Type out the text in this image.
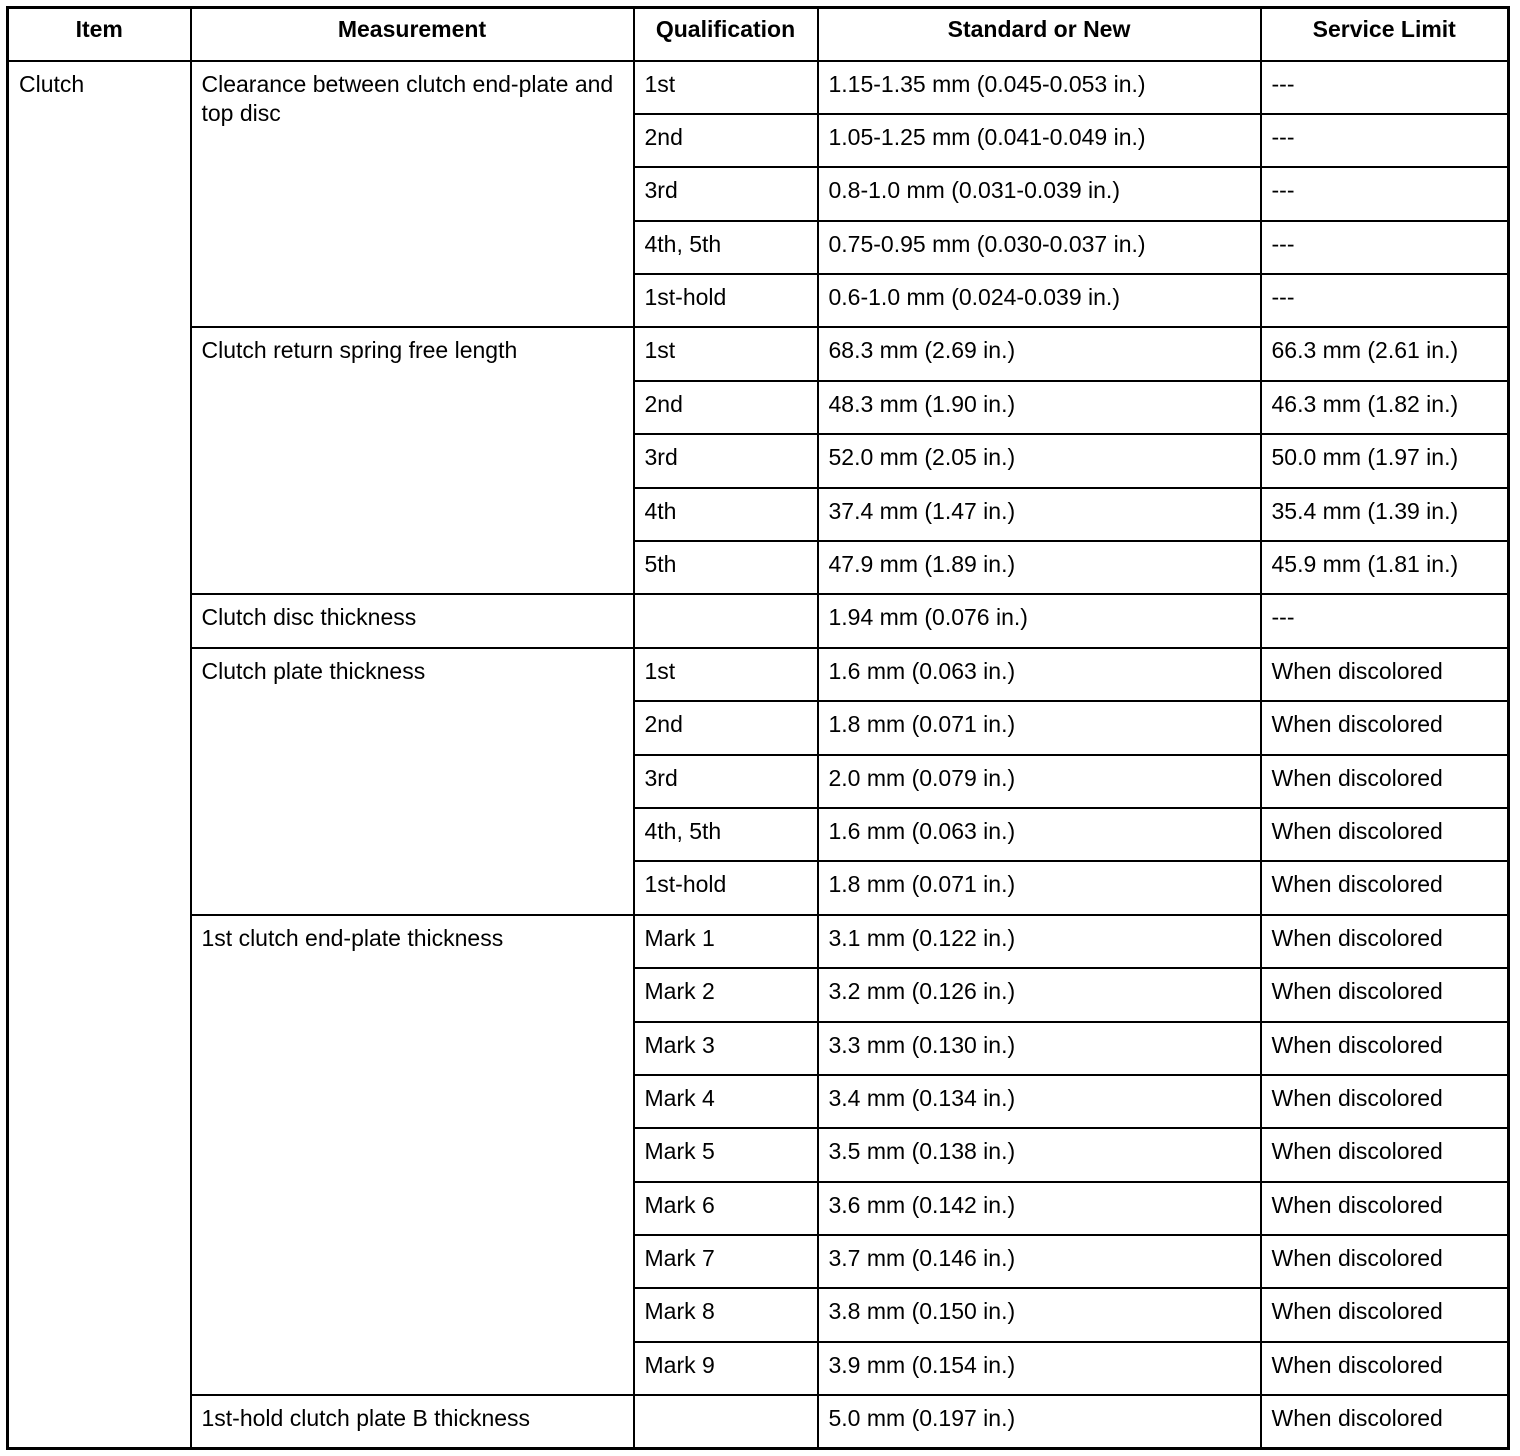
Item	Measurement	Qualification	Standard or New	Service Limit
Clutch	Clearance between clutch end-plate and top disc	1st	1.15-1.35 mm (0.045-0.053 in.)	---
		2nd	1.05-1.25 mm (0.041-0.049 in.)	---
		3rd	0.8-1.0 mm (0.031-0.039 in.)	---
		4th, 5th	0.75-0.95 mm (0.030-0.037 in.)	---
		1st-hold	0.6-1.0 mm (0.024-0.039 in.)	---
	Clutch return spring free length	1st	68.3 mm (2.69 in.)	66.3 mm (2.61 in.)
		2nd	48.3 mm (1.90 in.)	46.3 mm (1.82 in.)
		3rd	52.0 mm (2.05 in.)	50.0 mm (1.97 in.)
		4th	37.4 mm (1.47 in.)	35.4 mm (1.39 in.)
		5th	47.9 mm (1.89 in.)	45.9 mm (1.81 in.)
	Clutch disc thickness		1.94 mm (0.076 in.)	---
	Clutch plate thickness	1st	1.6 mm (0.063 in.)	When discolored
		2nd	1.8 mm (0.071 in.)	When discolored
		3rd	2.0 mm (0.079 in.)	When discolored
		4th, 5th	1.6 mm (0.063 in.)	When discolored
		1st-hold	1.8 mm (0.071 in.)	When discolored
	1st clutch end-plate thickness	Mark 1	3.1 mm (0.122 in.)	When discolored
		Mark 2	3.2 mm (0.126 in.)	When discolored
		Mark 3	3.3 mm (0.130 in.)	When discolored
		Mark 4	3.4 mm (0.134 in.)	When discolored
		Mark 5	3.5 mm (0.138 in.)	When discolored
		Mark 6	3.6 mm (0.142 in.)	When discolored
		Mark 7	3.7 mm (0.146 in.)	When discolored
		Mark 8	3.8 mm (0.150 in.)	When discolored
		Mark 9	3.9 mm (0.154 in.)	When discolored
	1st-hold clutch plate B thickness		5.0 mm (0.197 in.)	When discolored
